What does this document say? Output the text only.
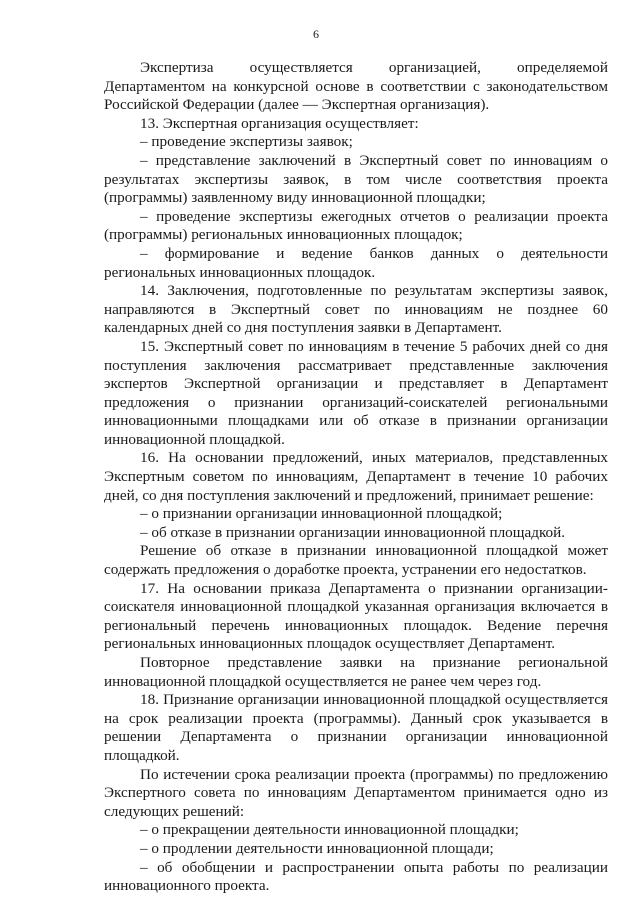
6

Экспертиза осуществляется организацией, определяемой Департаментом на конкурсной основе в соответствии с законодательством Российской Федерации (далее — Экспертная организация).

13. Экспертная организация осуществляет:

– проведение экспертизы заявок;

– представление заключений в Экспертный совет по инновациям о результатах экспертизы заявок, в том числе соответствия проекта (программы) заявленному виду инновационной площадки;

– проведение экспертизы ежегодных отчетов о реализации проекта (программы) региональных инновационных площадок;

– формирование и ведение банков данных о деятельности региональных инновационных площадок.

14. Заключения, подготовленные по результатам экспертизы заявок, направляются в Экспертный совет по инновациям не позднее 60 календарных дней со дня поступления заявки в Департамент.

15. Экспертный совет по инновациям в течение 5 рабочих дней со дня поступления заключения рассматривает представленные заключения экспертов Экспертной организации и представляет в Департамент предложения о признании организаций-соискателей региональными инновационными площадками или об отказе в признании организации инновационной площадкой.

16. На основании предложений, иных материалов, представленных Экспертным советом по инновациям, Департамент в течение 10 рабочих дней, со дня поступления заключений и предложений, принимает решение:

– о признании организации инновационной площадкой;

– об отказе в признании организации инновационной площадкой.

Решение об отказе в признании инновационной площадкой может содержать предложения о доработке проекта, устранении его недостатков.

17. На основании приказа Департамента о признании организации-соискателя инновационной площадкой указанная организация включается в региональный перечень инновационных площадок. Ведение перечня региональных инновационных площадок осуществляет Департамент.

Повторное представление заявки на признание региональной инновационной площадкой осуществляется не ранее чем через год.

18. Признание организации инновационной площадкой осуществляется на срок реализации проекта (программы). Данный срок указывается в решении Департамента о признании организации инновационной площадкой.

По истечении срока реализации проекта (программы) по предложению Экспертного совета по инновациям Департаментом принимается одно из следующих решений:

– о прекращении деятельности инновационной площадки;

– о продлении деятельности инновационной площади;

– об обобщении и распространении опыта работы по реализации инновационного проекта.
